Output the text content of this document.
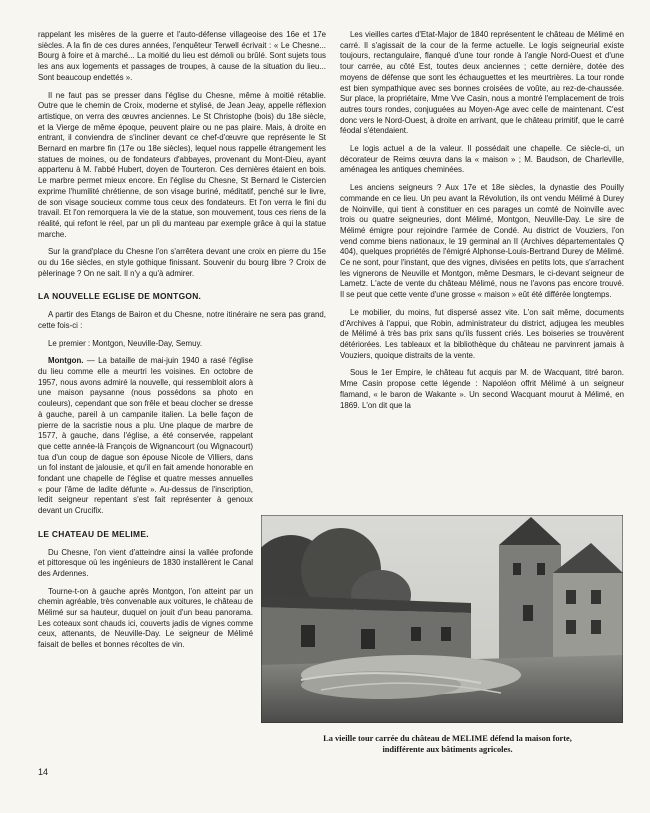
rappelant les misères de la guerre et l'auto-défense villageoise des 16e et 17e siècles. A la fin de ces dures années, l'enquêteur Terwell écrivait : « Le Chesne... Bourg à foire et à marché... La moitié du lieu est démoli ou brûlé. Sont sujets tous les ans aux logements et passages de troupes, à cause de la situation du lieu... Sont beaucoup endettés ».

Il ne faut pas se presser dans l'église du Chesne, même à moitié rétablie. Outre que le chemin de Croix, moderne et stylisé, de Jean Jeay, appelle réflexion artistique, on verra des œuvres anciennes. Le St Christophe (bois) du 18e siècle, et la Vierge de même époque, peuvent plaire ou ne pas plaire. Mais, à droite en entrant, il conviendra de s'incliner devant ce chef-d'œuvre que représente le St Bernard en marbre fin (17e ou 18e siècles), lequel nous rappelle étrangement les statues de moines, ou de fondateurs d'abbayes, provenant du Mont-Dieu, ayant appartenu à M. l'abbé Hubert, doyen de Tourteron. Ces dernières étaient en bois. Le marbre permet mieux encore. En l'église du Chesne, St Bernard le Cistercien exprime l'humilité chrétienne, de son visage buriné, méditatif, penché sur le livre, de son visage soucieux comme tous ceux des fondateurs. Et l'on verra le fini du travail. Et l'on remorquera la vie de la statue, son mouvement, tous ces riens de la réalité, qui refont le réel, par un pli du manteau par exemple grâce à qui la statue marche.

Sur la grand'place du Chesne l'on s'arrêtera devant une croix en pierre du 15e ou du 16e siècles, en style gothique finissant. Souvenir du bourg libre ? Croix de pèlerinage ? On ne sait. Il n'y a qu'à admirer.

LA NOUVELLE EGLISE DE MONTGON.

A partir des Etangs de Bairon et du Chesne, notre itinéraire ne sera pas grand, cette fois-ci :

Le premier : Montgon, Neuville-Day, Semuy.

Montgon. — La bataille de mai-juin 1940 a rasé l'église du lieu comme elle a meurtri les voisines. En octobre de 1957, nous avons admiré la nouvelle, qui ressembloit alors à une maison paysanne (nous possédons sa photo en couleurs), cependant que son frêle et beau clocher se dresse à gauche, pareil à un campanile italien. La belle façon de pierre de la sacristie nous a plu. Une plaque de marbre de 1577, à gauche, dans l'église, a été conservée, rappelant que cette année-là François de Wignancourt (ou Wignacourt) tua d'un coup de dague son épouse Nicole de Villiers, dans un fol instant de jalousie, et qu'il en fait amende honorable en fondant une chapelle de l'église et quatre messes annuelles « pour l'âme de ladite défunte ». Au-dessus de l'inscription, ledit seigneur repentant s'est fait représenter à genoux devant un Crucifix.

LE CHATEAU DE MELIME.

Du Chesne, l'on vient d'atteindre ainsi la vallée profonde et pittoresque où les ingénieurs de 1830 installèrent le Canal des Ardennes.

Tourne-t-on à gauche après Montgon, l'on atteint par un chemin agréable, très convenable aux voitures, le château de Mélimé sur sa hauteur, duquel on jouit d'un beau panorama. Les coteaux sont chauds ici, couverts jadis de vignes comme ceux, attenants, de Neuville-Day. Le seigneur de Mélimé faisait de belles et bonnes récoltes de vin.

Les vieilles cartes d'Etat-Major de 1840 représentent le château de Mélimé en carré. Il s'agissait de la cour de la ferme actuelle. Le logis seigneurial existe toujours, rectangulaire, flanqué d'une tour ronde à l'angle Nord-Ouest et d'une tour carrée, au côté Est, toutes deux anciennes ; cette dernière, dotée des moyens de défense que sont les échauguettes et les meurtrières. La tour ronde est bien sympathique avec ses bonnes croisées de voûte, au rez-de-chaussée. Sur place, la propriétaire, Mme Vve Casin, nous a montré l'emplacement de trois autres tours rondes, conjuguées au Moyen-Age avec celle de maintenant. C'est donc vers le Nord-Ouest, à droite en arrivant, que le château primitif, que le carré féodal s'étendaient.

Le logis actuel a de la valeur. Il possédait une chapelle. Ce siècle-ci, un décorateur de Reims œuvra dans la « maison » ; M. Baudson, de Charleville, aménagea les antiques cheminées.

Les anciens seigneurs ? Aux 17e et 18e siècles, la dynastie des Pouilly commande en ce lieu. Un peu avant la Révolution, ils ont vendu Mélimé à Durey de Noinville, qui tient à constituer en ces parages un comté de Noinville avec trois ou quatre seigneuries, dont Mélimé, Montgon, Neuville-Day. Le sire de Mélimé émigre pour rejoindre l'armée de Condé. Au district de Vouziers, l'on vend comme biens nationaux, le 19 germinal an II (Archives départementales Q 404), quelques propriétés de l'émigré Alphonse-Louis-Bertrand Durey de Mélimé. Ce ne sont, pour l'instant, que des vignes, divisées en petits lots, que s'arrachent les vignerons de Neuville et Montgon, même Desmars, le ci-devant seigneur de Lametz. L'acte de vente du château Mélimé, nous ne l'avons pas encore trouvé. Il se peut que cette vente d'une grosse « maison » eût été différée longtemps.

Le mobilier, du moins, fut dispersé assez vite. L'on sait même, documents d'Archives à l'appui, que Robin, administrateur du district, adjugea les meubles de Mélimé à très bas prix sans qu'ils fussent criés. Les boiseries se trouvèrent détériorées. Les tableaux et la bibliothèque du château ne parvinrent jamais à Vouziers, quoique distraits de la vente.

Sous le 1er Empire, le château fut acquis par M. de Wacquant, titré baron. Mme Casin propose cette légende : Napoléon offrit Mélimé à un seigneur flamand, « le baron de Wakante ». Un second Wacquant mourut à Mélimé, en 1869. L'on dit que la

La vieille tour carrée du château de MELIME défend la maison forte,
indifférente aux bâtiments agricoles.
14
